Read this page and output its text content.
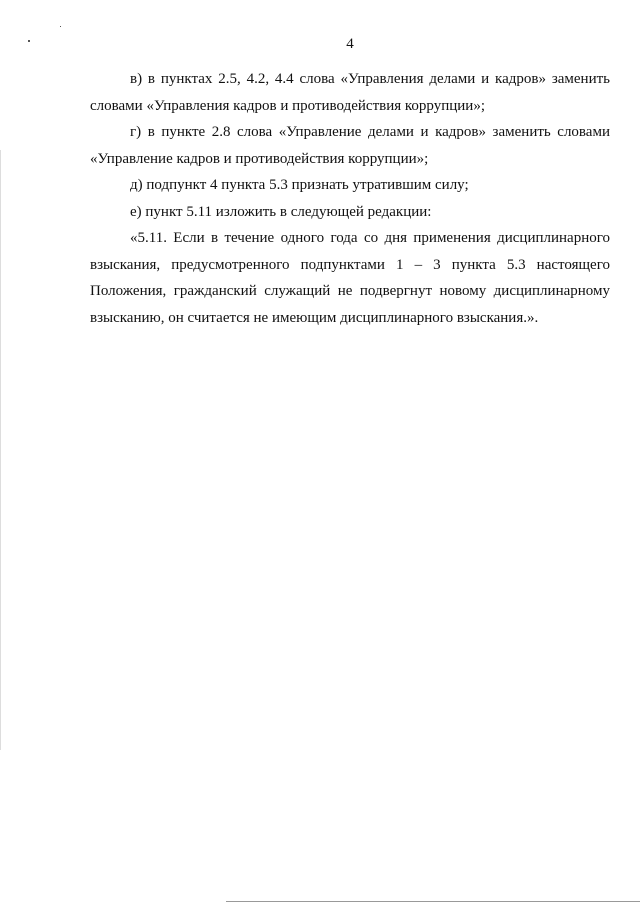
4

в) в пунктах 2.5, 4.2, 4.4 слова «Управления делами и кадров» заменить словами «Управления кадров и противодействия коррупции»;

г) в пункте 2.8 слова «Управление делами и кадров» заменить словами «Управление кадров и противодействия коррупции»;

д) подпункт 4 пункта 5.3 признать утратившим силу;

е) пункт 5.11 изложить в следующей редакции:

«5.11. Если в течение одного года со дня применения дисциплинарного взыскания, предусмотренного подпунктами 1 – 3 пункта 5.3 настоящего Положения, гражданский служащий не подвергнут новому дисциплинарному взысканию, он считается не имеющим дисциплинарного взыскания.».
